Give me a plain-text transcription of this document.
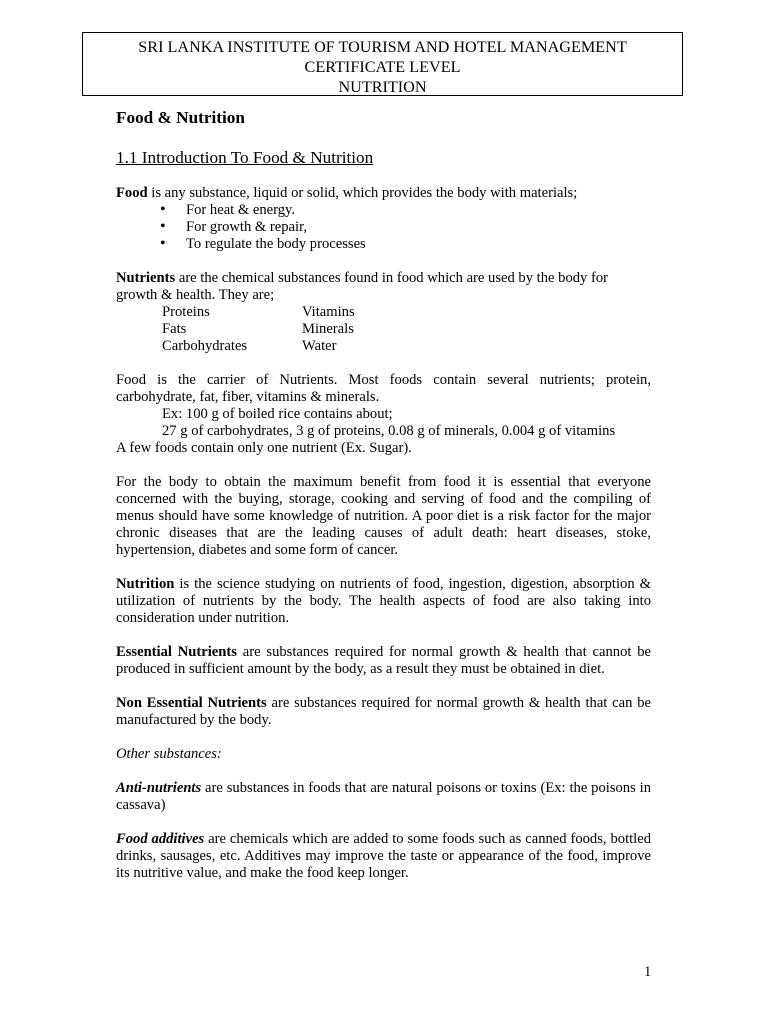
SRI LANKA INSTITUTE OF TOURISM AND HOTEL MANAGEMENT
CERTIFICATE LEVEL
NUTRITION

Food & Nutrition

1.1 Introduction To Food & Nutrition

Food is any substance, liquid or solid, which provides the body with materials;

• For heat & energy.
• For growth & repair,
• To regulate the body processes

Nutrients are the chemical substances found in food which are used by the body for growth & health. They are;

Proteins	Vitamins
Fats	Minerals
Carbohydrates	Water

Food is the carrier of Nutrients. Most foods contain several nutrients; protein, carbohydrate, fat, fiber, vitamins & minerals.

Ex: 100 g of boiled rice contains about;

27 g of carbohydrates, 3 g of proteins, 0.08 g of minerals, 0.004 g of vitamins

A few foods contain only one nutrient (Ex. Sugar).

For the body to obtain the maximum benefit from food it is essential that everyone concerned with the buying, storage, cooking and serving of food and the compiling of menus should have some knowledge of nutrition. A poor diet is a risk factor for the major chronic diseases that are the leading causes of adult death: heart diseases, stoke, hypertension, diabetes and some form of cancer.

Nutrition is the science studying on nutrients of food, ingestion, digestion, absorption & utilization of nutrients by the body. The health aspects of food are also taking into consideration under nutrition.

Essential Nutrients are substances required for normal growth & health that cannot be produced in sufficient amount by the body, as a result they must be obtained in diet.

Non Essential Nutrients are substances required for normal growth & health that can be manufactured by the body.

Other substances:

Anti-nutrients are substances in foods that are natural poisons or toxins (Ex: the poisons in cassava)

Food additives are chemicals which are added to some foods such as canned foods, bottled drinks, sausages, etc. Additives may improve the taste or appearance of the food, improve its nutritive value, and make the food keep longer.

1
